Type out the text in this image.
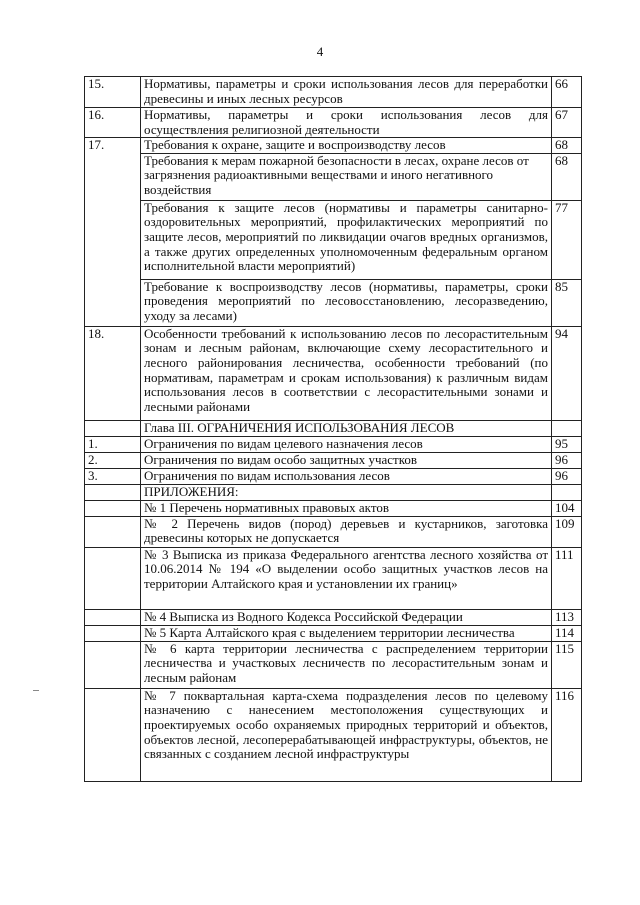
4
15.	Нормативы, параметры и сроки использования лесов для переработки древесины и иных лесных ресурсов	66
16.	Нормативы, параметры и сроки использования лесов для осуществления религиозной деятельности	67
17.	Требования к охране, защите и воспроизводству лесов	68
	Требования к мерам пожарной безопасности в лесах, охране лесов от загрязнения радиоактивными веществами и иного негативного воздействия	68
	Требования к защите лесов (нормативы и параметры санитарно-оздоровительных мероприятий, профилактических мероприятий по защите лесов, мероприятий по ликвидации очагов вредных организмов, а также других определенных уполномоченным федеральным органом исполнительной власти мероприятий)	77
	Требование к воспроизводству лесов (нормативы, параметры, сроки проведения мероприятий по лесовосстановлению, лесоразведению, уходу за лесами)	85
18.	Особенности требований к использованию лесов по лесорастительным зонам и лесным районам, включающие схему лесорастительного и лесного районирования лесничества, особенности требований (по нормативам, параметрам и срокам использования) к различным видам использования лесов в соответствии с лесорастительными зонами и лесными районами	94
	Глава III. ОГРАНИЧЕНИЯ ИСПОЛЬЗОВАНИЯ ЛЕСОВ	
1.	Ограничения по видам целевого назначения лесов	95
2.	Ограничения по видам особо защитных участков	96
3.	Ограничения по видам использования лесов	96
	ПРИЛОЖЕНИЯ:	
	№ 1 Перечень нормативных правовых актов	104
	№ 2 Перечень видов (пород) деревьев и кустарников, заготовка древесины которых не допускается	109
	№ 3 Выписка из приказа Федерального агентства лесного хозяйства от 10.06.2014 № 194 «О выделении особо защитных участков лесов на территории Алтайского края и установлении их границ»	111
	№ 4 Выписка из Водного Кодекса Российской Федерации	113
	№ 5 Карта Алтайского края с выделением территории лесничества	114
	№ 6 карта территории лесничества с распределением территории лесничества и участковых лесничеств по лесорастительным зонам и лесным районам	115
	№ 7 поквартальная карта-схема подразделения лесов по целевому назначению с нанесением местоположения существующих и проектируемых особо охраняемых природных территорий и объектов, объектов лесной, лесоперерабатывающей инфраструктуры, объектов, не связанных с созданием лесной инфраструктуры	116
